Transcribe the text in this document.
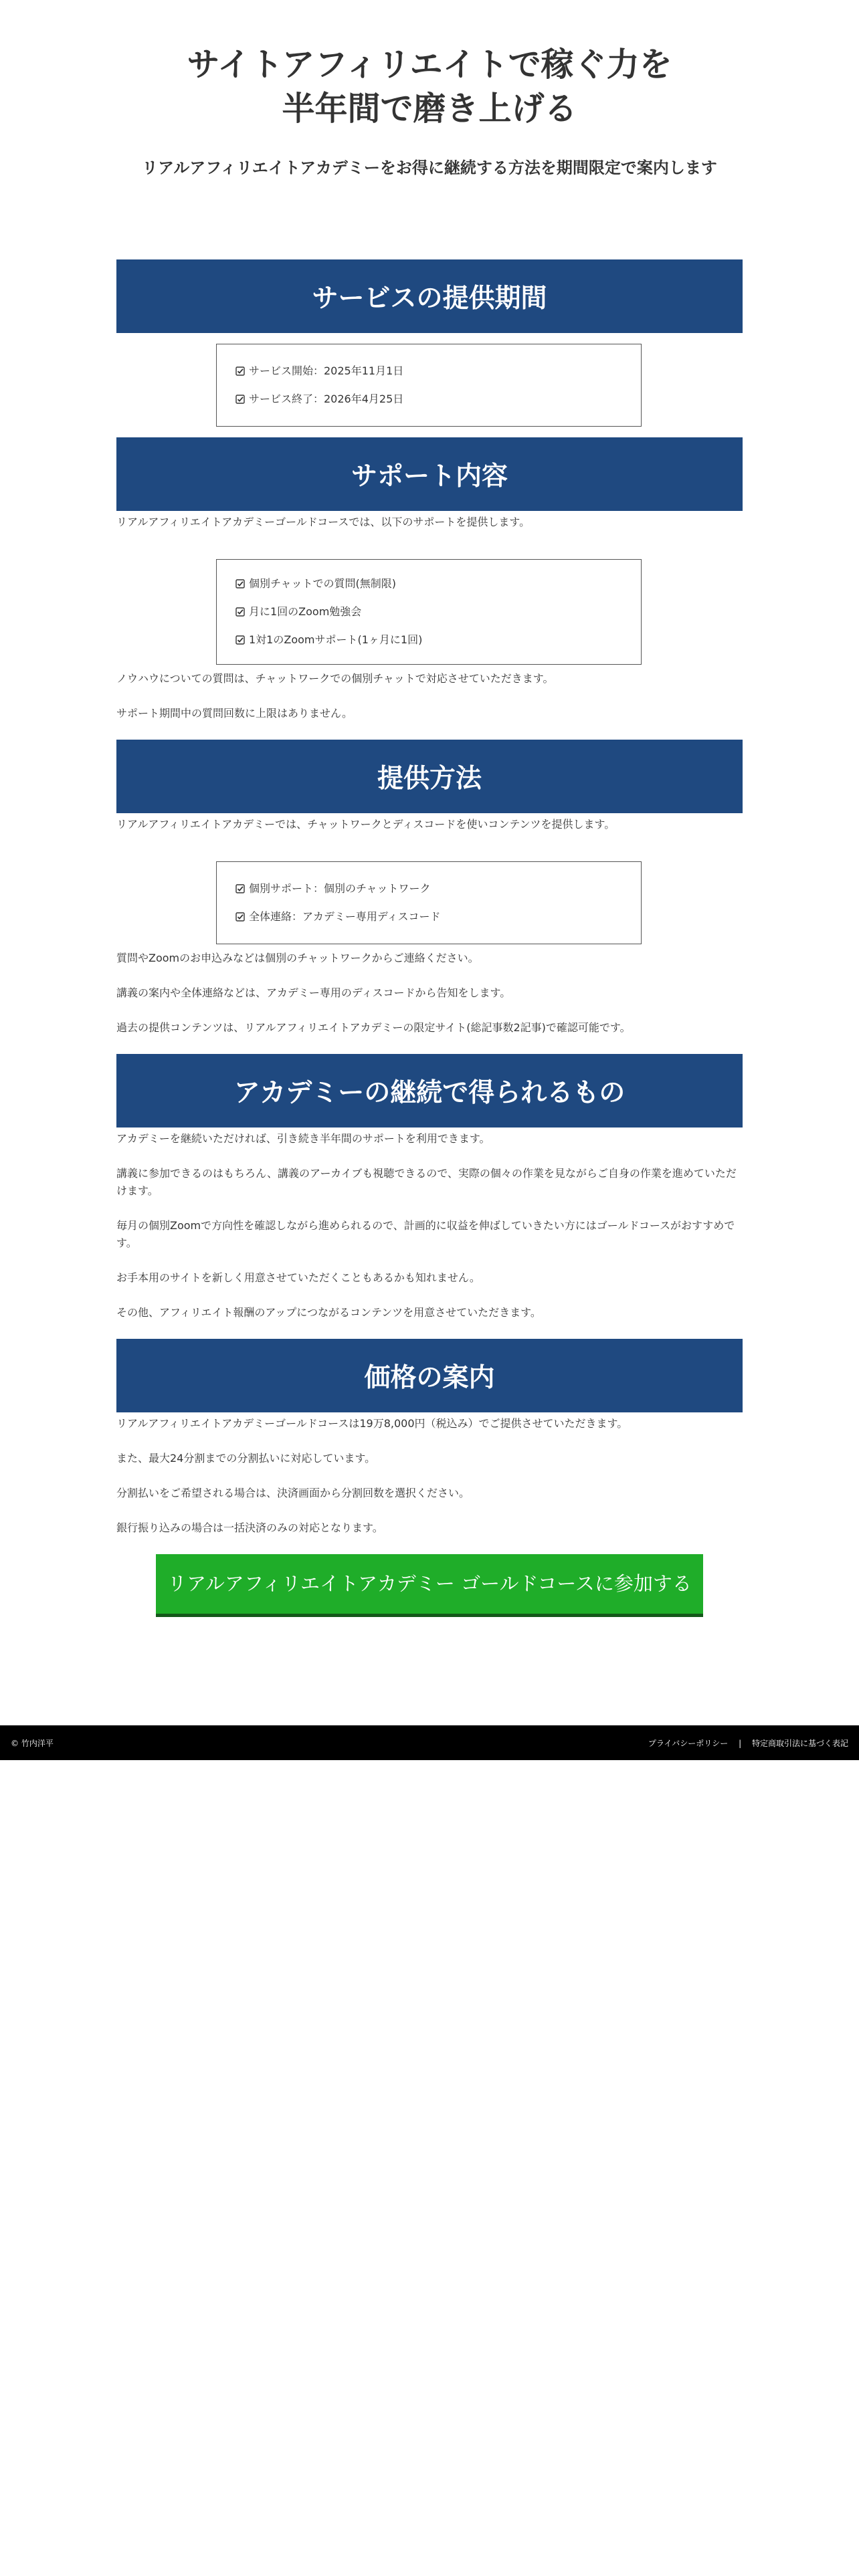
サイトアフィリエイトで稼ぐ力を
半年間で磨き上げる
リアルアフィリエイトアカデミーをお得に継続する方法を期間限定で案内します
サービスの提供期間
サービス開始：2025年11月1日
サービス終了：2026年4月25日
サポート内容

リアルアフィリエイトアカデミーゴールドコースでは、以下のサポートを提供します。

個別チャットでの質問(無制限)
月に1回のZoom勉強会
1対1のZoomサポート(1ヶ月に1回)

ノウハウについての質問は、チャットワークでの個別チャットで対応させていただきます。

サポート期間中の質問回数に上限はありません。

提供方法

リアルアフィリエイトアカデミーでは、チャットワークとディスコードを使いコンテンツを提供します。

個別サポート：個別のチャットワーク
全体連絡：アカデミー専用ディスコード

質問やZoomのお申込みなどは個別のチャットワークからご連絡ください。

講義の案内や全体連絡などは、アカデミー専用のディスコードから告知をします。

過去の提供コンテンツは、リアルアフィリエイトアカデミーの限定サイト(総記事数2記事)で確認可能です。

アカデミーの継続で得られるもの

アカデミーを継続いただければ、引き続き半年間のサポートを利用できます。

講義に参加できるのはもちろん、講義のアーカイブも視聴できるので、実際の個々の作業を見ながらご自身の作業を進めていただけます。

毎月の個別Zoomで方向性を確認しながら進められるので、計画的に収益を伸ばしていきたい方にはゴールドコースがおすすめです。

お手本用のサイトを新しく用意させていただくこともあるかも知れません。

その他、アフィリエイト報酬のアップにつながるコンテンツを用意させていただきます。

価格の案内

リアルアフィリエイトアカデミーゴールドコースは19万8,000円（税込み）でご提供させていただきます。

また、最大24分割までの分割払いに対応しています。

分割払いをご希望される場合は、決済画面から分割回数を選択ください。

銀行振り込みの場合は一括決済のみの対応となります。

リアルアフィリエイトアカデミー ゴールドコースに参加する
© 竹内洋平	プライバシーポリシー | 特定商取引法に基づく表記
